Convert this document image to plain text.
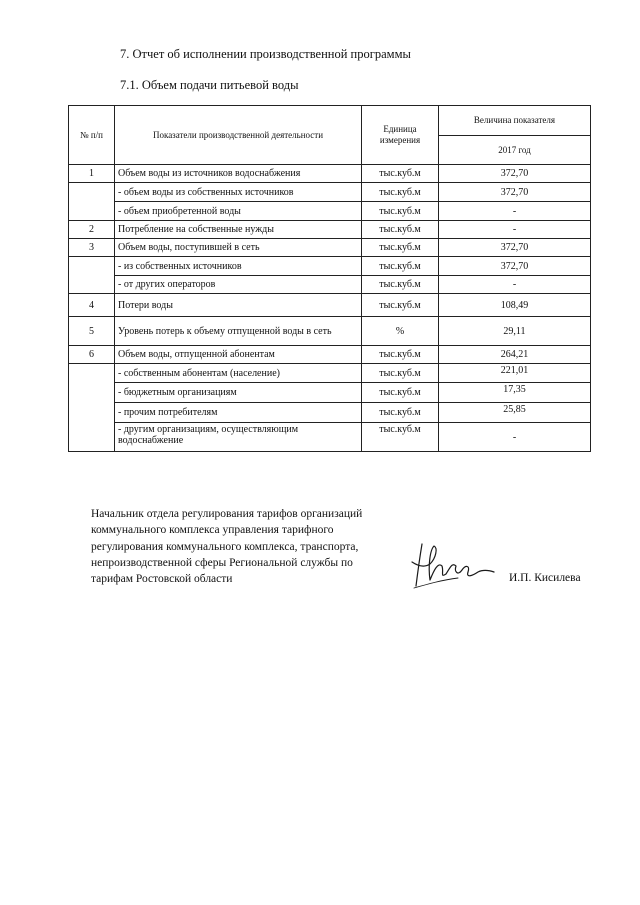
7. Отчет об исполнении производственной программы
7.1. Объем подачи питьевой воды
№ п/п	Показатели производственной деятельности	Единица измерения	Величина показателя
			2017 год
1	Объем воды из источников водоснабжения	тыс.куб.м	372,70
	- объем воды из собственных источников	тыс.куб.м	372,70
	- объем приобретенной воды	тыс.куб.м	-
2	Потребление на собственные нужды	тыс.куб.м	-
3	Объем воды, поступившей в сеть	тыс.куб.м	372,70
	- из собственных источников	тыс.куб.м	372,70
	- от других операторов	тыс.куб.м	-
4	Потери воды	тыс.куб.м	108,49
5	Уровень потерь к объему отпущенной воды в сеть	%	29,11
6	Объем воды, отпущенной абонентам	тыс.куб.м	264,21
	- собственным абонентам (население)	тыс.куб.м	221,01
	- бюджетным организациям	тыс.куб.м	17,35
	- прочим потребителям	тыс.куб.м	25,85
	- другим организациям, осуществляющим водоснабжение	тыс.куб.м	-
Начальник отдела регулирования тарифов организаций
коммунального комплекса управления тарифного
регулирования коммунального комплекса, транспорта,
непроизводственной сферы Региональной службы по
тарифам Ростовской области	И.П. Кисилева
